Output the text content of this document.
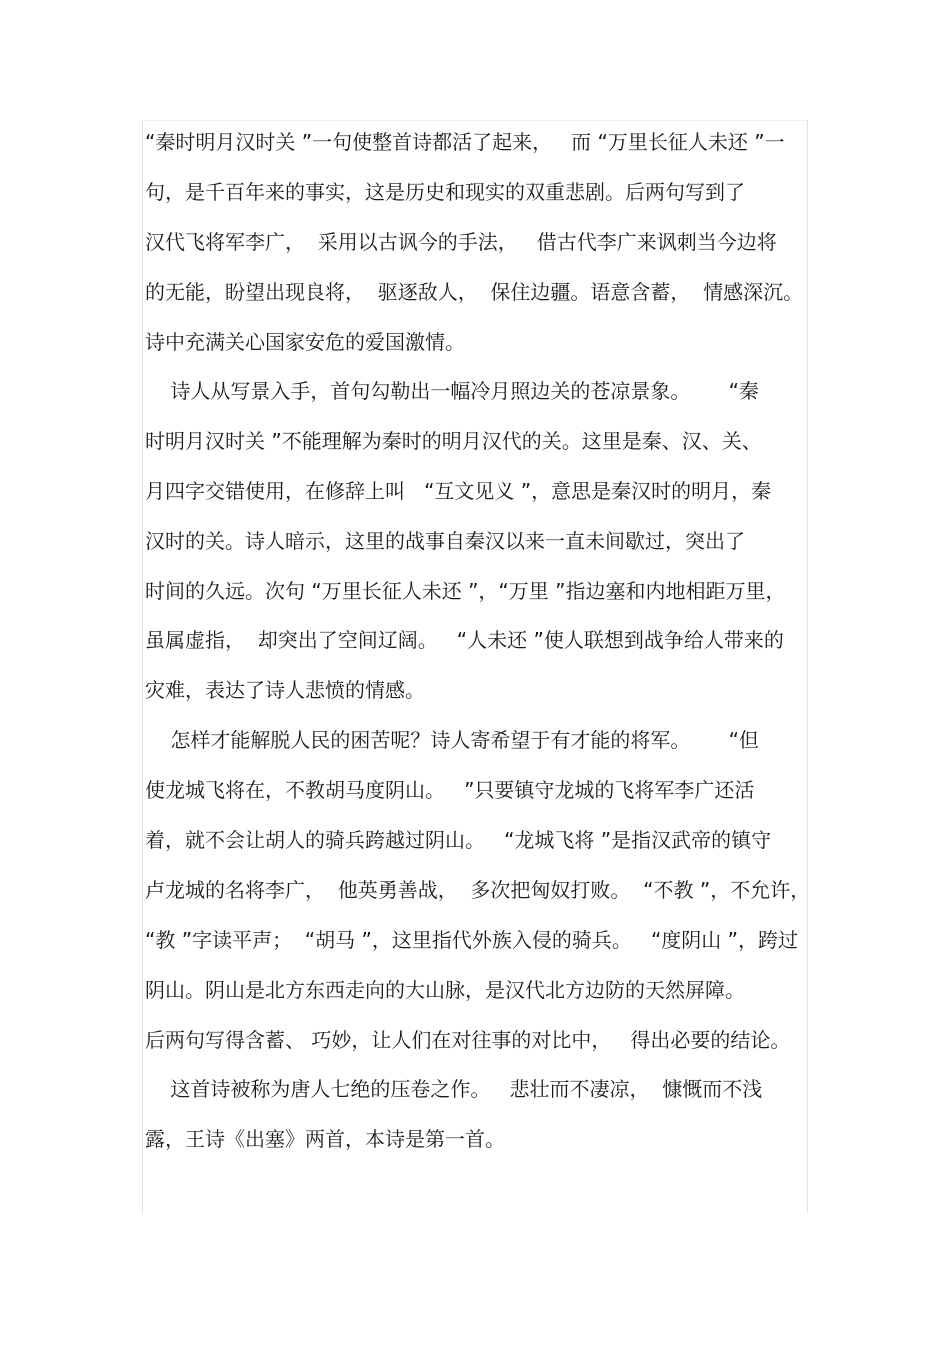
“秦时明月汉时关 ”一句使整首诗都活了起来，   而 “万里长征人未还 ”一
句，是千百年来的事实，这是历史和现实的双重悲剧。后两句写到了
汉代飞将军李广，  采用以古讽今的手法，   借古代李广来讽刺当今边将
的无能，盼望出现良将，  驱逐敌人，  保住边疆。语意含蓄，  情感深沉。
诗中充满关心国家安危的爱国激情。
诗人从写景入手，首句勾勒出一幅冷月照边关的苍凉景象。      “秦
时明月汉时关 ”不能理解为秦时的明月汉代的关。这里是秦、汉、关、
月四字交错使用，在修辞上叫   “互文见义 ”，意思是秦汉时的明月，秦
汉时的关。诗人暗示，这里的战事自秦汉以来一直未间歇过，突出了
时间的久远。次句 “万里长征人未还 ”，“万里 ”指边塞和内地相距万里，
虽属虚指，  却突出了空间辽阔。   “人未还 ”使人联想到战争给人带来的
灾难，表达了诗人悲愤的情感。
怎样才能解脱人民的困苦呢？诗人寄希望于有才能的将军。      “但
使龙城飞将在，不教胡马度阴山。   ”只要镇守龙城的飞将军李广还活
着，就不会让胡人的骑兵跨越过阴山。   “龙城飞将 ”是指汉武帝的镇守
卢龙城的名将李广，  他英勇善战，  多次把匈奴打败。  “不教 ”，不允许，
“教 ”字读平声；  “胡马 ”，这里指代外族入侵的骑兵。   “度阴山 ”，跨过
阴山。阴山是北方东西走向的大山脉，是汉代北方边防的天然屏障。
后两句写得含蓄、 巧妙，让人们在对往事的对比中，   得出必要的结论。
这首诗被称为唐人七绝的压卷之作。   悲壮而不凄凉，  慷慨而不浅
露，王诗《出塞》两首，本诗是第一首。
